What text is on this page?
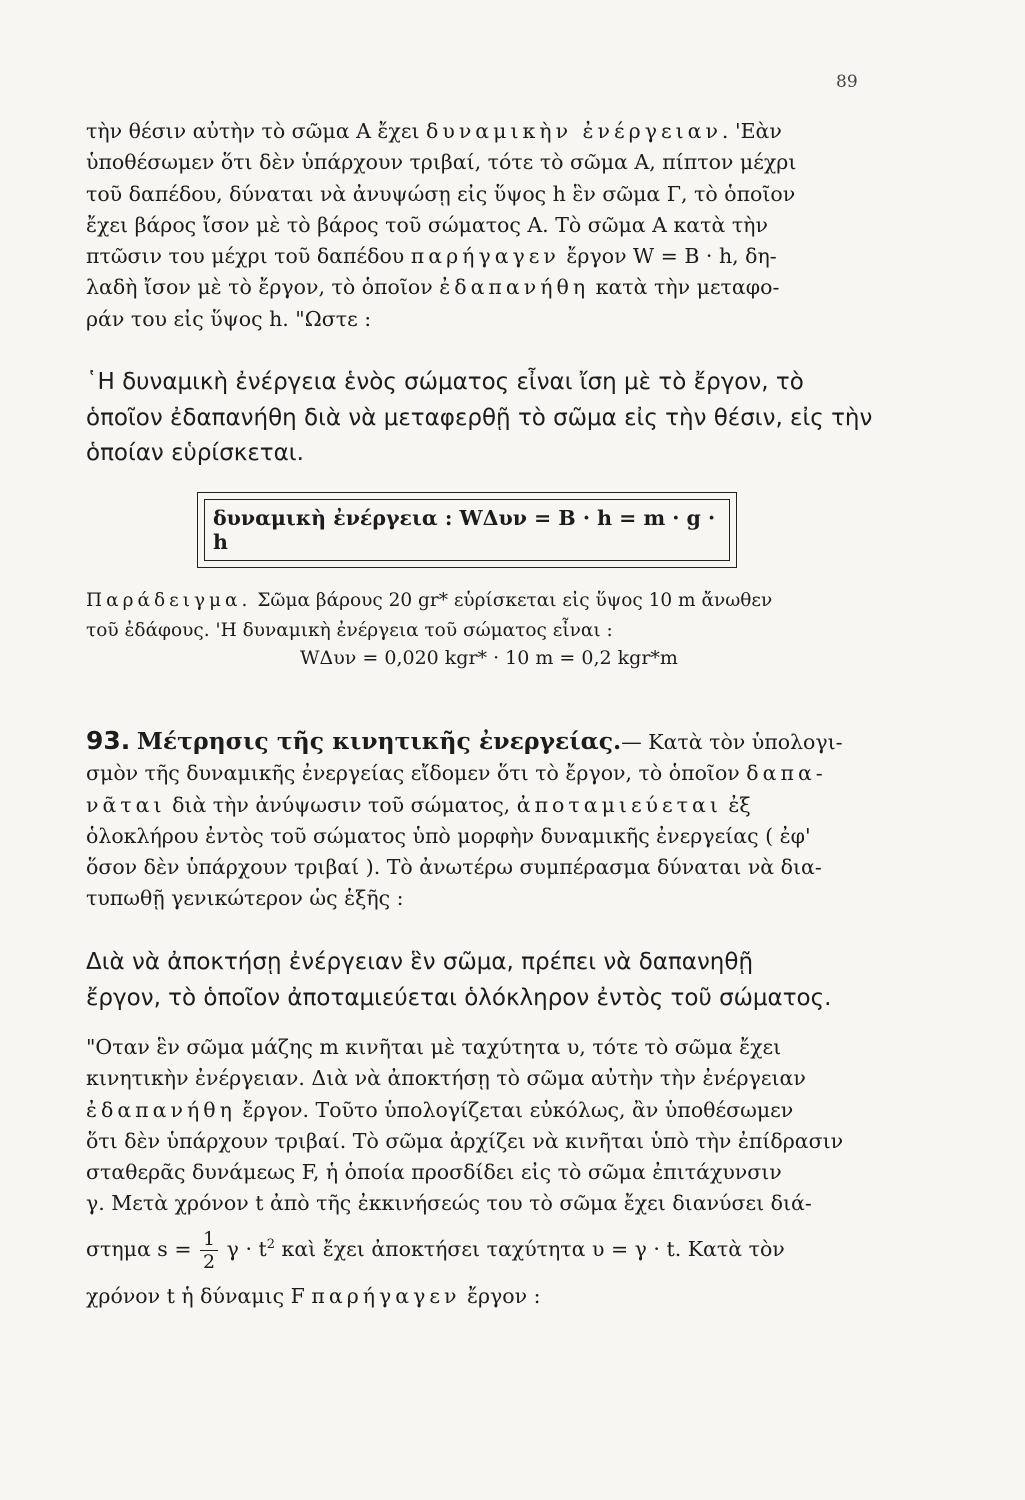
89
τὴν θέσιν αὐτὴν τὸ σῶμα Α ἔχει δυναμικὴν ἐνέργειαν. 'Εὰν
ὑποθέσωμεν ὅτι δὲν ὑπάρχουν τριβαί, τότε τὸ σῶμα Α, πίπτον μέχρι
τοῦ δαπέδου, δύναται νὰ ἀνυψώσῃ εἰς ὕψος h ἓν σῶμα Γ, τὸ ὁποῖον
ἔχει βάρος ἴσον μὲ τὸ βάρος τοῦ σώματος Α. Τὸ σῶμα Α κατὰ τὴν
πτῶσιν του μέχρι τοῦ δαπέδου παρήγαγεν ἔργον W = B · h, δη-
λαδὴ ἴσον μὲ τὸ ἔργον, τὸ ὁποῖον ἐδαπανήθη κατὰ τὴν μεταφο-
ράν του εἰς ὕψος h. "Ωστε :
῾Η δυναμικὴ ἐνέργεια ἑνὸς σώματος εἶναι ἴση μὲ τὸ ἔργον, τὸ
ὁποῖον ἐδαπανήθη διὰ νὰ μεταφερθῇ τὸ σῶμα εἰς τὴν θέσιν, εἰς τὴν
ὁποίαν εὑρίσκεται.
δυναμικὴ ἐνέργεια : WΔυν = B · h = m · g · h
Παράδειγμα. Σῶμα βάρους 20 gr* εὑρίσκεται εἰς ὕψος 10 m ἄνωθεν
τοῦ ἐδάφους. 'Η δυναμικὴ ἐνέργεια τοῦ σώματος εἶναι :
WΔυν = 0,020 kgr* · 10 m = 0,2 kgr*m
93. Μέτρησις τῆς κινητικῆς ἐνεργείας.— Κατὰ τὸν ὑπολογι-
σμὸν τῆς δυναμικῆς ἐνεργείας εἴδομεν ὅτι τὸ ἔργον, τὸ ὁποῖον δαπα-
νᾶται διὰ τὴν ἀνύψωσιν τοῦ σώματος, ἀποταμιεύεται ἐξ
ὁλοκλήρου ἐντὸς τοῦ σώματος ὑπὸ μορφὴν δυναμικῆς ἐνεργείας ( ἐφ'
ὅσον δὲν ὑπάρχουν τριβαί ). Τὸ ἀνωτέρω συμπέρασμα δύναται νὰ δια-
τυπωθῇ γενικώτερον ὡς ἑξῆς :
Διὰ νὰ ἀποκτήσῃ ἐνέργειαν ἓν σῶμα, πρέπει νὰ δαπανηθῇ
ἔργον, τὸ ὁποῖον ἀποταμιεύεται ὁλόκληρον ἐντὸς τοῦ σώματος.
"Οταν ἓν σῶμα μάζης m κινῆται μὲ ταχύτητα υ, τότε τὸ σῶμα ἔχει
κινητικὴν ἐνέργειαν. Διὰ νὰ ἀποκτήσῃ τὸ σῶμα αὐτὴν τὴν ἐνέργειαν
ἐδαπανήθη ἔργον. Τοῦτο ὑπολογίζεται εὐκόλως, ἂν ὑποθέσωμεν
ὅτι δὲν ὑπάρχουν τριβαί. Τὸ σῶμα ἀρχίζει νὰ κινῆται ὑπὸ τὴν ἐπίδρασιν
σταθερᾶς δυνάμεως F, ἡ ὁποία προσδίδει εἰς τὸ σῶμα ἐπιτάχυνσιν
γ. Μετὰ χρόνον t ἀπὸ τῆς ἐκκινήσεώς του τὸ σῶμα ἔχει διανύσει διά-
στημα $s = \frac{1}{2}$ $\gamma \cdot t^2$ καὶ ἔχει ἀποκτήσει ταχύτητα υ = γ · t. Κατὰ τὸν
χρόνον t ἡ δύναμις F παρήγαγεν ἔργον :
